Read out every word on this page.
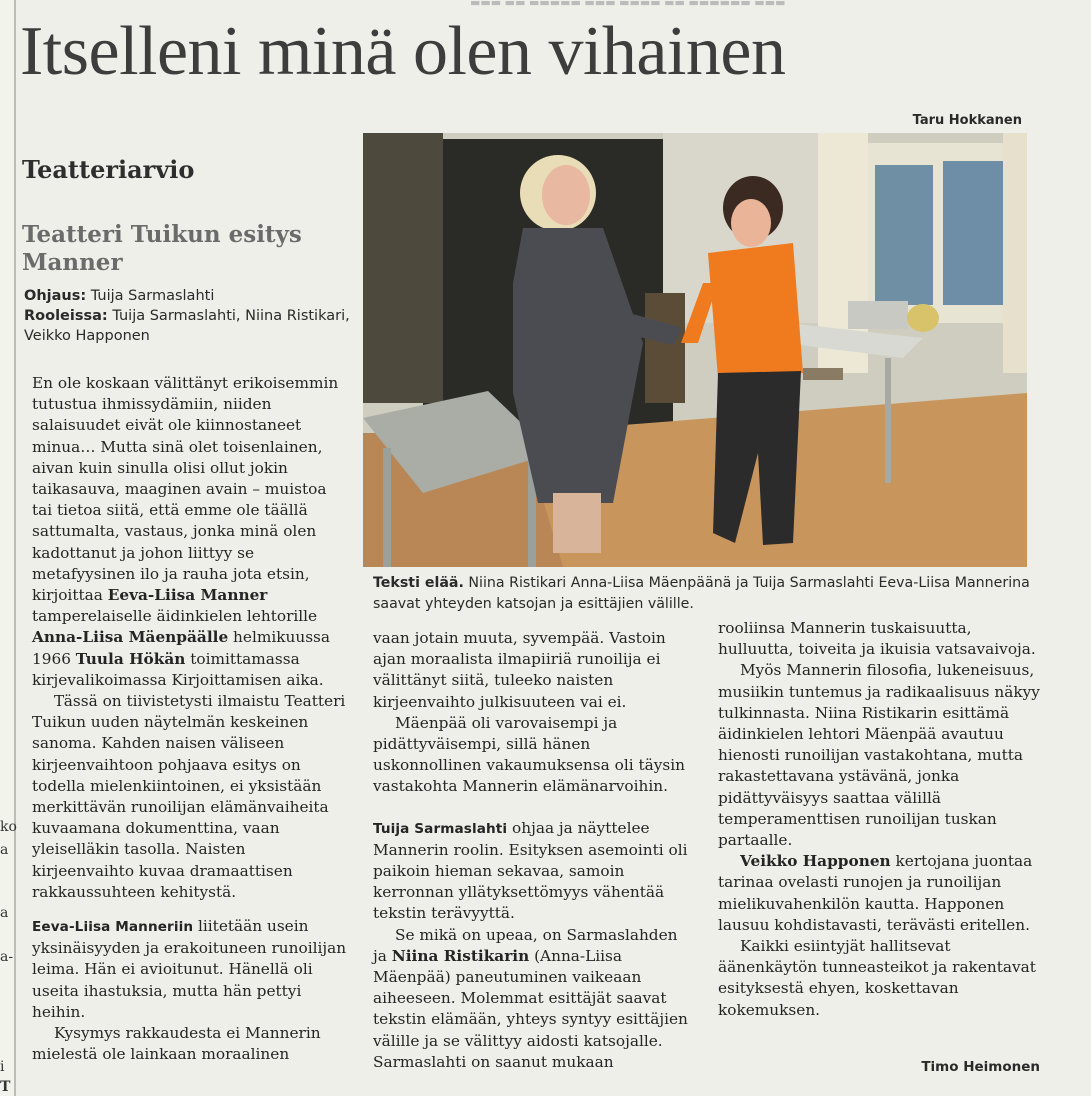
ko
a
a
a-
i
T
▬▬▬ ▬▬ ▬▬▬▬▬ ▬▬▬ ▬▬▬▬ ▬▬ ▬▬▬▬▬▬ ▬▬▬
Itselleni minä olen vihainen
Taru Hokkanen
Teatteriarvio
Teatteri Tuikun esitys Manner
Ohjaus: Tuija Sarmaslahti
Rooleissa: Tuija Sarmaslahti, Niina Ristikari, Veikko Happonen

En ole koskaan välittänyt erikoisemmin tutustua ihmissydämiin, niiden salaisuudet eivät ole kiinnostaneet minua… Mutta sinä olet toisenlainen, aivan kuin sinulla olisi ollut jokin taikasauva, maaginen avain – muistoa tai tietoa siitä, että emme ole täällä sattumalta, vastaus, jonka minä olen kadottanut ja johon liittyy se metafyysinen ilo ja rauha jota etsin, kirjoittaa Eeva-Liisa Manner tamperelaiselle äidinkielen lehtorille Anna-Liisa Mäenpäälle helmikuussa 1966 Tuula Hökän toimittamassa kirjevalikoimassa Kirjoittamisen aika.

Tässä on tiivistetysti ilmaistu Teatteri Tuikun uuden näytelmän keskeinen sanoma. Kahden naisen väliseen kirjeenvaihtoon pohjaava esitys on todella mielenkiintoinen, ei yksistään merkittävän runoilijan elämänvaiheita kuvaamana dokumenttina, vaan yleiselläkin tasolla. Naisten kirjeenvaihto kuvaa dramaattisen rakkaussuhteen kehitystä.

Eeva-Liisa Manneriin liitetään usein yksinäisyyden ja erakoituneen runoilijan leima. Hän ei avioitunut. Hänellä oli useita ihastuksia, mutta hän pettyi heihin.

Kysymys rakkaudesta ei Mannerin mielestä ole lainkaan moraalinen

Teksti elää. Niina Ristikari Anna-Liisa Mäenpäänä ja Tuija Sarmaslahti Eeva-Liisa Mannerina saavat yhteyden katsojan ja esittäjien välille.

vaan jotain muuta, syvempää. Vastoin ajan moraalista ilmapiiriä runoilija ei välittänyt siitä, tuleeko naisten kirjeenvaihto julkisuuteen vai ei.

Mäenpää oli varovaisempi ja pidättyväisempi, sillä hänen uskonnollinen vakaumuksensa oli täysin vastakohta Mannerin elämänarvoihin.

Tuija Sarmaslahti ohjaa ja näyttelee Mannerin roolin. Esityksen asemointi oli paikoin hieman sekavaa, samoin kerronnan yllätyksettömyys vähentää tekstin terävyyttä.

Se mikä on upeaa, on Sarmaslahden ja Niina Ristikarin (Anna-Liisa Mäenpää) paneutuminen vaikeaan aiheeseen. Molemmat esittäjät saavat tekstin elämään, yhteys syntyy esittäjien välille ja se välittyy aidosti katsojalle. Sarmaslahti on saanut mukaan

rooliinsa Mannerin tuskaisuutta, hulluutta, toiveita ja ikuisia vatsavaivoja.

Myös Mannerin filosofia, lukeneisuus, musiikin tuntemus ja radikaalisuus näkyy tulkinnasta. Niina Ristikarin esittämä äidinkielen lehtori Mäenpää avautuu hienosti runoilijan vastakohtana, mutta rakastettavana ystävänä, jonka pidättyväisyys saattaa välillä temperamenttisen runoilijan tuskan partaalle.

Veikko Happonen kertojana juontaa tarinaa ovelasti runojen ja runoilijan mielikuvahenkilön kautta. Happonen lausuu kohdistavasti, terävästi eritellen.

Kaikki esiintyjät hallitsevat äänenkäytön tunneasteikot ja rakentavat esityksestä ehyen, koskettavan kokemuksen.

Timo Heimonen
